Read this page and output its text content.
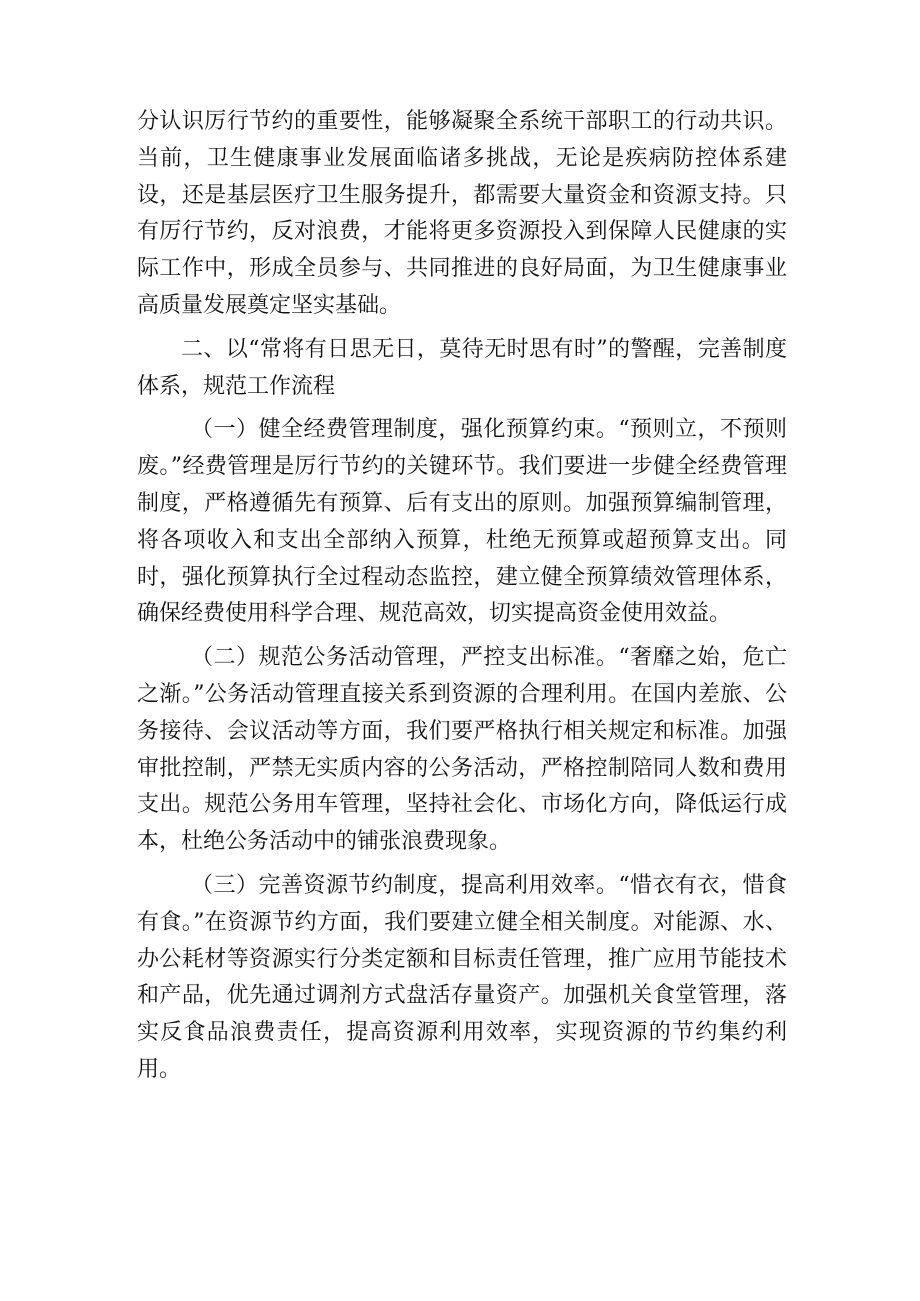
分认识厉行节约的重要性，能够凝聚全系统干部职工的行动共识。当前，卫生健康事业发展面临诸多挑战，无论是疾病防控体系建设，还是基层医疗卫生服务提升，都需要大量资金和资源支持。只有厉行节约，反对浪费，才能将更多资源投入到保障人民健康的实际工作中，形成全员参与、共同推进的良好局面，为卫生健康事业高质量发展奠定坚实基础。

二、以“常将有日思无日，莫待无时思有时”的警醒，完善制度体系，规范工作流程

（一）健全经费管理制度，强化预算约束。“预则立，不预则废。”经费管理是厉行节约的关键环节。我们要进一步健全经费管理制度，严格遵循先有预算、后有支出的原则。加强预算编制管理，将各项收入和支出全部纳入预算，杜绝无预算或超预算支出。同时，强化预算执行全过程动态监控，建立健全预算绩效管理体系，确保经费使用科学合理、规范高效，切实提高资金使用效益。

（二）规范公务活动管理，严控支出标准。“奢靡之始，危亡之渐。”公务活动管理直接关系到资源的合理利用。在国内差旅、公务接待、会议活动等方面，我们要严格执行相关规定和标准。加强审批控制，严禁无实质内容的公务活动，严格控制陪同人数和费用支出。规范公务用车管理，坚持社会化、市场化方向，降低运行成本，杜绝公务活动中的铺张浪费现象。

（三）完善资源节约制度，提高利用效率。“惜衣有衣，惜食有食。”在资源节约方面，我们要建立健全相关制度。对能源、水、办公耗材等资源实行分类定额和目标责任管理，推广应用节能技术和产品，优先通过调剂方式盘活存量资产。加强机关食堂管理，落实反食品浪费责任，提高资源利用效率，实现资源的节约集约利用。
